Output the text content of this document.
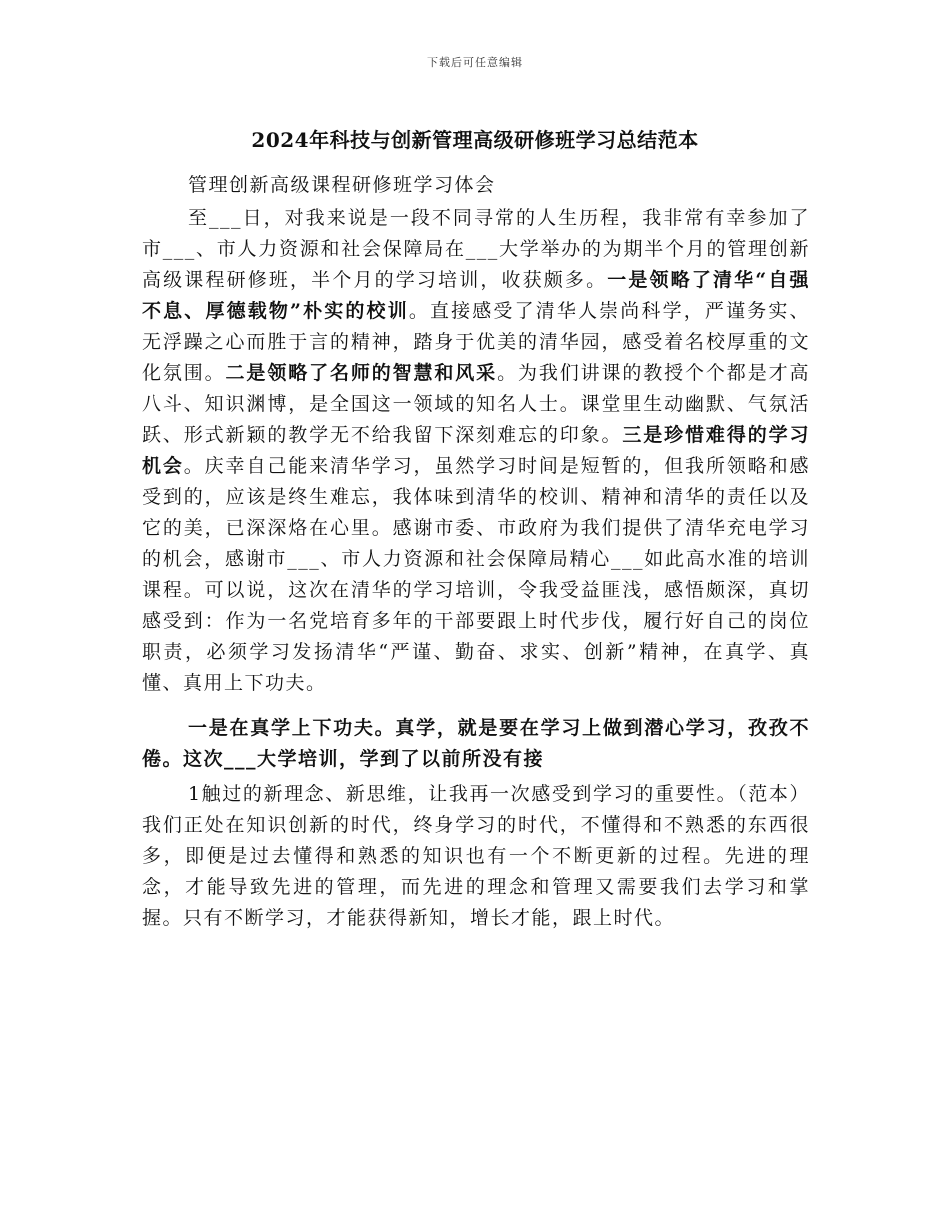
下载后可任意编辑
2024年科技与创新管理高级研修班学习总结范本

管理创新高级课程研修班学习体会

至___日，对我来说是一段不同寻常的人生历程，我非常有幸参加了市___、市人力资源和社会保障局在___大学举办的为期半个月的管理创新高级课程研修班，半个月的学习培训，收获颇多。一是领略了清华“自强不息、厚德载物”朴实的校训。直接感受了清华人崇尚科学，严谨务实、无浮躁之心而胜于言的精神，踏身于优美的清华园，感受着名校厚重的文化氛围。二是领略了名师的智慧和风采。为我们讲课的教授个个都是才高八斗、知识渊博，是全国这一领域的知名人士。课堂里生动幽默、气氛活跃、形式新颖的教学无不给我留下深刻难忘的印象。三是珍惜难得的学习机会。庆幸自己能来清华学习，虽然学习时间是短暂的，但我所领略和感受到的，应该是终生难忘，我体味到清华的校训、精神和清华的责任以及它的美，已深深烙在心里。感谢市委、市政府为我们提供了清华充电学习的机会，感谢市___、市人力资源和社会保障局精心___如此高水准的培训课程。可以说，这次在清华的学习培训，令我受益匪浅，感悟颇深，真切感受到：作为一名党培育多年的干部要跟上时代步伐，履行好自己的岗位职责，必须学习发扬清华“严谨、勤奋、求实、创新”精神，在真学、真懂、真用上下功夫。

一是在真学上下功夫。真学，就是要在学习上做到潜心学习，孜孜不倦。这次___大学培训，学到了以前所没有接

1触过的新理念、新思维，让我再一次感受到学习的重要性。（范本）我们正处在知识创新的时代，终身学习的时代，不懂得和不熟悉的东西很多，即便是过去懂得和熟悉的知识也有一个不断更新的过程。先进的理念，才能导致先进的管理，而先进的理念和管理又需要我们去学习和掌握。只有不断学习，才能获得新知，增长才能，跟上时代。
